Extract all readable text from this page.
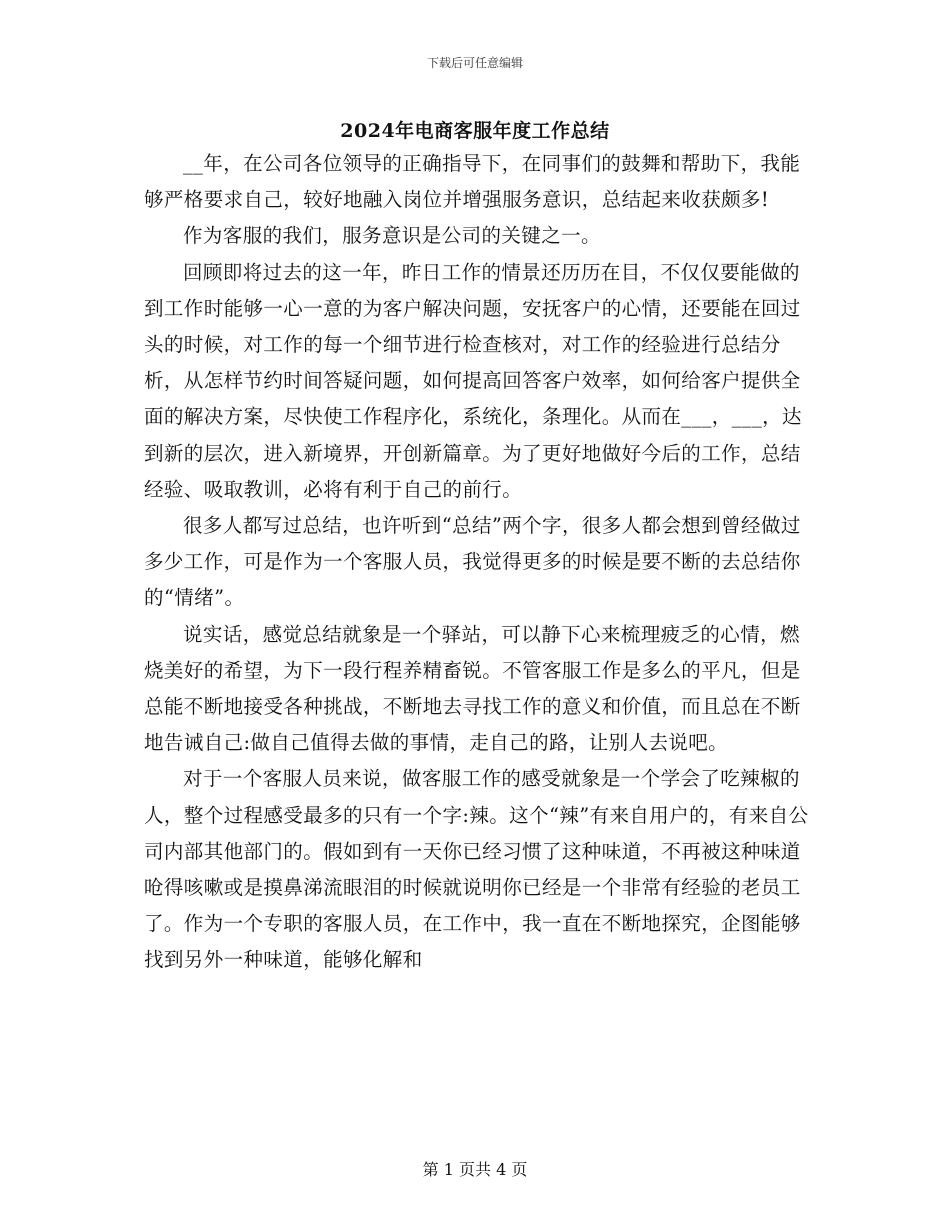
下载后可任意编辑
2024年电商客服年度工作总结

__年，在公司各位领导的正确指导下，在同事们的鼓舞和帮助下，我能够严格要求自己，较好地融入岗位并增强服务意识，总结起来收获颇多!

作为客服的我们，服务意识是公司的关键之一。

回顾即将过去的这一年，昨日工作的情景还历历在目，不仅仅要能做的到工作时能够一心一意的为客户解决问题，安抚客户的心情，还要能在回过头的时候，对工作的每一个细节进行检查核对，对工作的经验进行总结分析，从怎样节约时间答疑问题，如何提高回答客户效率，如何给客户提供全面的解决方案，尽快使工作程序化，系统化，条理化。从而在___，___，达到新的层次，进入新境界，开创新篇章。为了更好地做好今后的工作，总结经验、吸取教训，必将有利于自己的前行。

很多人都写过总结，也许听到“总结”两个字，很多人都会想到曾经做过多少工作，可是作为一个客服人员，我觉得更多的时候是要不断的去总结你的“情绪”。

说实话，感觉总结就象是一个驿站，可以静下心来梳理疲乏的心情，燃烧美好的希望，为下一段行程养精畜锐。不管客服工作是多么的平凡，但是总能不断地接受各种挑战，不断地去寻找工作的意义和价值，而且总在不断地告诫自己:做自己值得去做的事情，走自己的路，让别人去说吧。

对于一个客服人员来说，做客服工作的感受就象是一个学会了吃辣椒的人，整个过程感受最多的只有一个字:辣。这个“辣”有来自用户的，有来自公司内部其他部门的。假如到有一天你已经习惯了这种味道，不再被这种味道呛得咳嗽或是摸鼻涕流眼泪的时候就说明你已经是一个非常有经验的老员工了。作为一个专职的客服人员，在工作中，我一直在不断地探究，企图能够找到另外一种味道，能够化解和

第 1 页共 4 页
